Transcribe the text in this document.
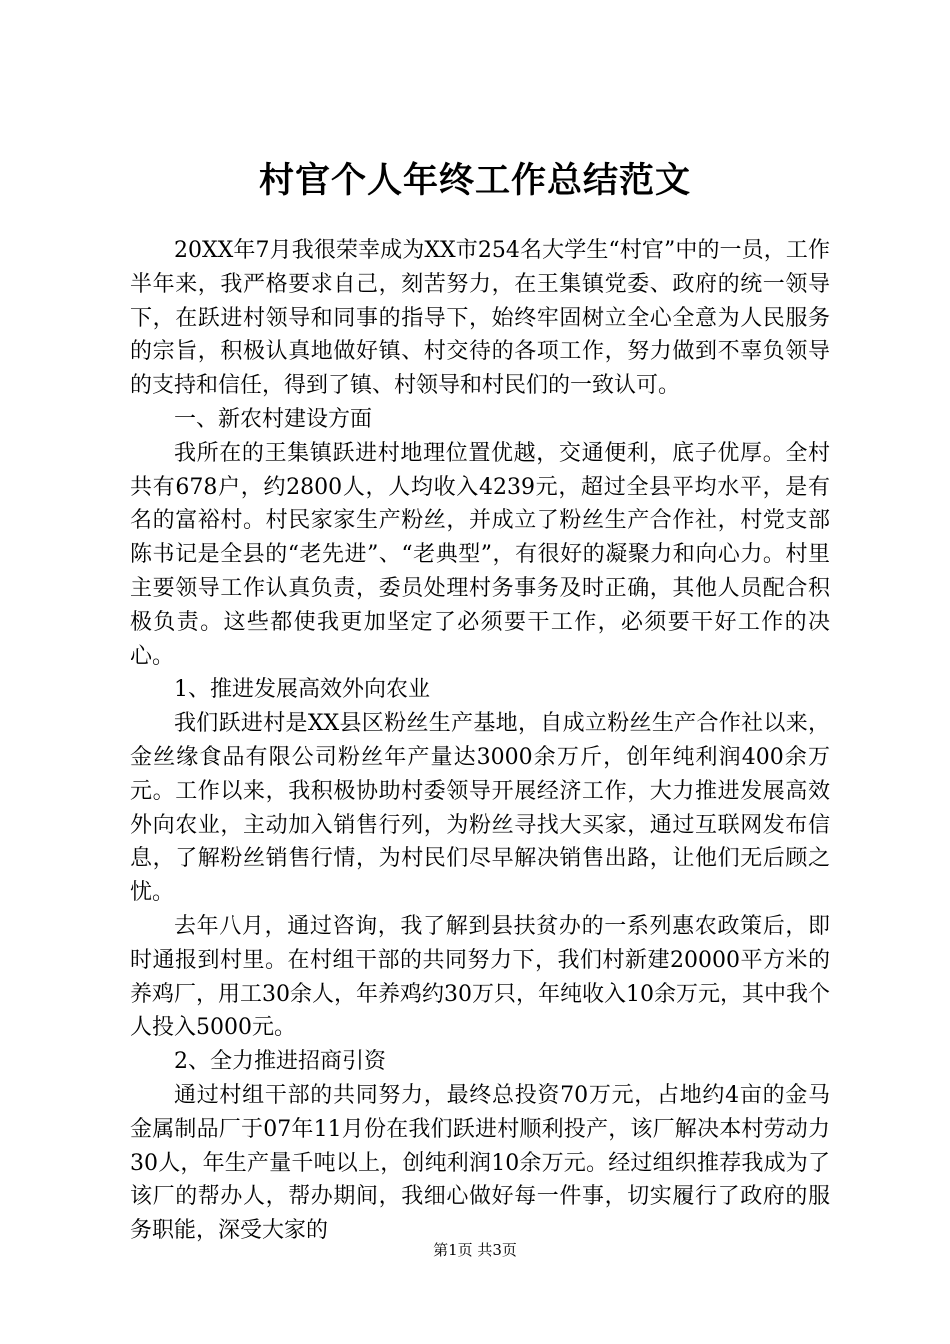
村官个人年终工作总结范文

20XX年7月我很荣幸成为XX市254名大学生“村官”中的一员，工作半年来，我严格要求自己，刻苦努力，在王集镇党委、政府的统一领导下，在跃进村领导和同事的指导下，始终牢固树立全心全意为人民服务的宗旨，积极认真地做好镇、村交待的各项工作，努力做到不辜负领导的支持和信任，得到了镇、村领导和村民们的一致认可。

一、新农村建设方面

我所在的王集镇跃进村地理位置优越，交通便利，底子优厚。全村共有678户，约2800人，人均收入4239元，超过全县平均水平，是有名的富裕村。村民家家生产粉丝，并成立了粉丝生产合作社，村党支部陈书记是全县的“老先进”、“老典型”，有很好的凝聚力和向心力。村里主要领导工作认真负责，委员处理村务事务及时正确，其他人员配合积极负责。这些都使我更加坚定了必须要干工作，必须要干好工作的决心。

1、推进发展高效外向农业

我们跃进村是XX县区粉丝生产基地，自成立粉丝生产合作社以来，金丝缘食品有限公司粉丝年产量达3000余万斤，创年纯利润400余万元。工作以来，我积极协助村委领导开展经济工作，大力推进发展高效外向农业，主动加入销售行列，为粉丝寻找大买家，通过互联网发布信息，了解粉丝销售行情，为村民们尽早解决销售出路，让他们无后顾之忧。

去年八月，通过咨询，我了解到县扶贫办的一系列惠农政策后，即时通报到村里。在村组干部的共同努力下，我们村新建20000平方米的养鸡厂，用工30余人，年养鸡约30万只，年纯收入10余万元，其中我个人投入5000元。

2、全力推进招商引资

通过村组干部的共同努力，最终总投资70万元，占地约4亩的金马金属制品厂于07年11月份在我们跃进村顺利投产，该厂解决本村劳动力30人，年生产量千吨以上，创纯利润10余万元。经过组织推荐我成为了该厂的帮办人，帮办期间，我细心做好每一件事，切实履行了政府的服务职能，深受大家的

第1页 共3页
